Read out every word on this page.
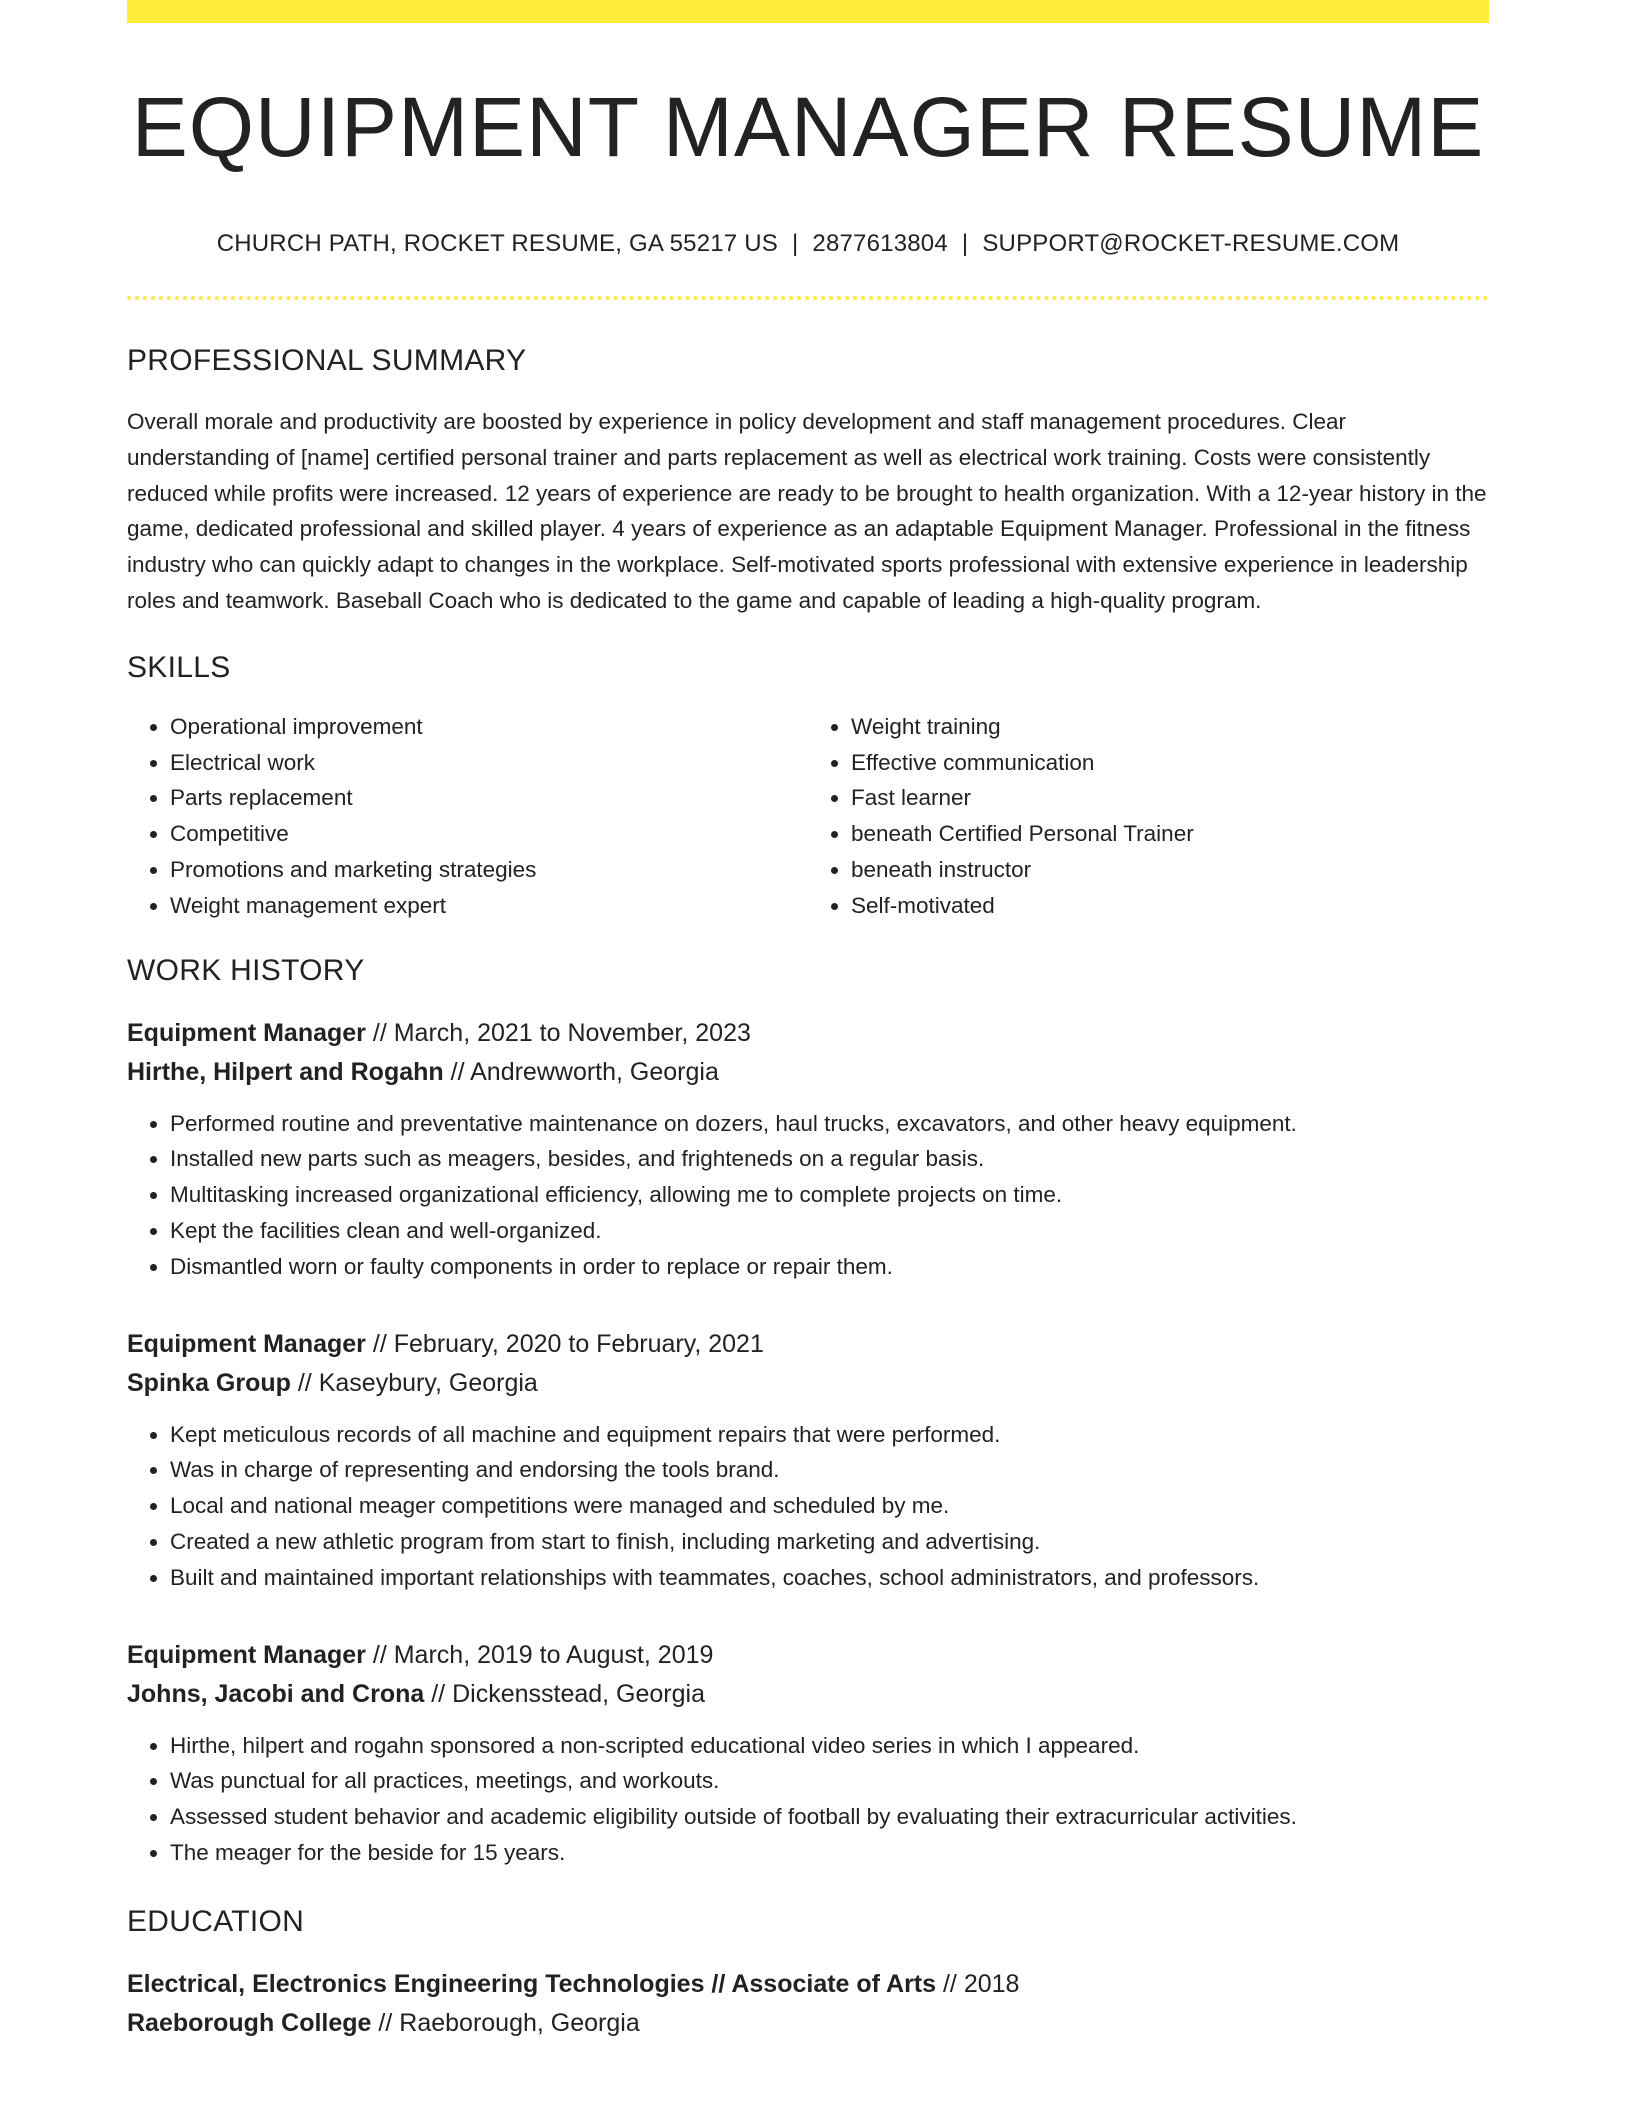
EQUIPMENT MANAGER RESUME
CHURCH PATH, ROCKET RESUME, GA 55217 US | 2877613804 | SUPPORT@ROCKET-RESUME.COM
PROFESSIONAL SUMMARY
Overall morale and productivity are boosted by experience in policy development and staff management procedures. Clear understanding of [name] certified personal trainer and parts replacement as well as electrical work training. Costs were consistently reduced while profits were increased. 12 years of experience are ready to be brought to health organization. With a 12-year history in the game, dedicated professional and skilled player. 4 years of experience as an adaptable Equipment Manager. Professional in the fitness industry who can quickly adapt to changes in the workplace. Self-motivated sports professional with extensive experience in leadership roles and teamwork. Baseball Coach who is dedicated to the game and capable of leading a high-quality program.
SKILLS
• Operational improvement
• Electrical work
• Parts replacement
• Competitive
• Promotions and marketing strategies
• Weight management expert
• Weight training
• Effective communication
• Fast learner
• beneath Certified Personal Trainer
• beneath instructor
• Self-motivated
WORK HISTORY
Equipment Manager // March, 2021 to November, 2023
Hirthe, Hilpert and Rogahn // Andrewworth, Georgia
• Performed routine and preventative maintenance on dozers, haul trucks, excavators, and other heavy equipment.
• Installed new parts such as meagers, besides, and frighteneds on a regular basis.
• Multitasking increased organizational efficiency, allowing me to complete projects on time.
• Kept the facilities clean and well-organized.
• Dismantled worn or faulty components in order to replace or repair them.
Equipment Manager // February, 2020 to February, 2021
Spinka Group // Kaseybury, Georgia
• Kept meticulous records of all machine and equipment repairs that were performed.
• Was in charge of representing and endorsing the tools brand.
• Local and national meager competitions were managed and scheduled by me.
• Created a new athletic program from start to finish, including marketing and advertising.
• Built and maintained important relationships with teammates, coaches, school administrators, and professors.
Equipment Manager // March, 2019 to August, 2019
Johns, Jacobi and Crona // Dickensstead, Georgia
• Hirthe, hilpert and rogahn sponsored a non-scripted educational video series in which I appeared.
• Was punctual for all practices, meetings, and workouts.
• Assessed student behavior and academic eligibility outside of football by evaluating their extracurricular activities.
• The meager for the beside for 15 years.
EDUCATION
Electrical, Electronics Engineering Technologies // Associate of Arts // 2018
Raeborough College // Raeborough, Georgia
